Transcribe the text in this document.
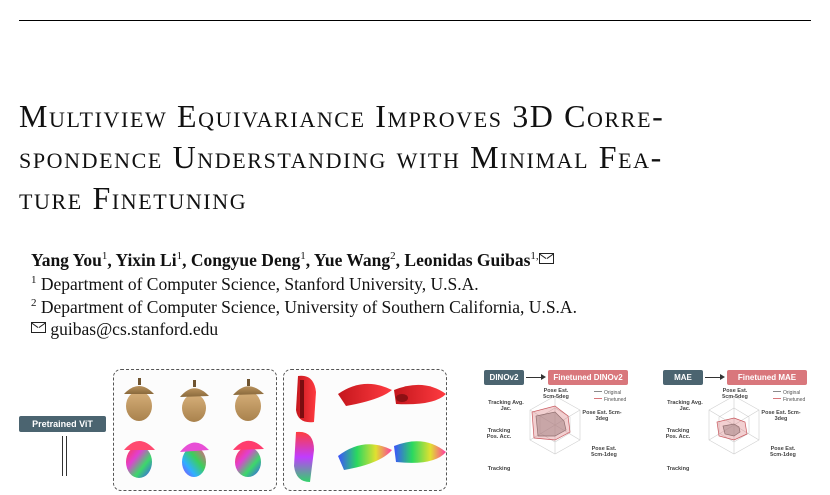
Multiview Equivariance Improves 3D Corre-
spondence Understanding with Minimal Fea-
ture Finetuning
Yang You$^1$, Yixin Li$^1$, Congyue Deng$^1$, Yue Wang$^2$, Leonidas Guibas$^{1,}$
$^1$ Department of Computer Science, Stanford University, U.S.A.
$^2$ Department of Computer Science, University of Southern California, U.S.A.
guibas@cs.stanford.edu
Pretrained ViT
DINOv2	Finetuned DINOv2
Pose Est. 5cm-5deg
Pose Est. 5cm-3deg
Pose Est. 5cm-1deg
Tracking Avg. Jac.
Tracking Pos. Acc.
Tracking
Original
Finetuned
MAE	Finetuned MAE
Pose Est. 5cm-5deg
Pose Est. 5cm-3deg
Pose Est. 5cm-1deg
Tracking Avg. Jac.
Tracking Pos. Acc.
Tracking
Original
Finetuned
